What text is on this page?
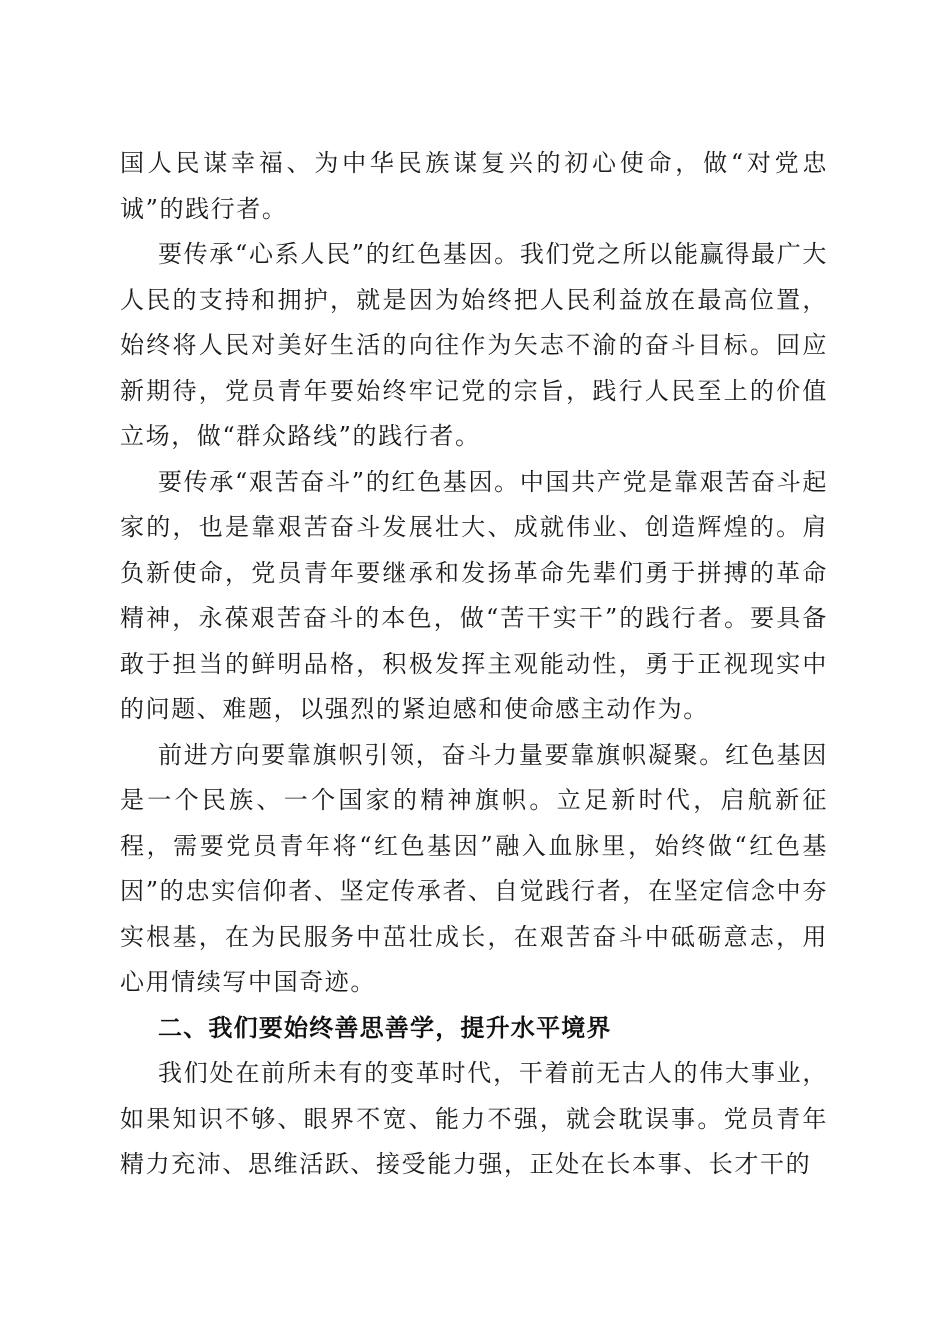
国人民谋幸福、为中华民族谋复兴的初心使命，做“对党忠诚”的践行者。

要传承“心系人民”的红色基因。我们党之所以能赢得最广大人民的支持和拥护，就是因为始终把人民利益放在最高位置，始终将人民对美好生活的向往作为矢志不渝的奋斗目标。回应新期待，党员青年要始终牢记党的宗旨，践行人民至上的价值立场，做“群众路线”的践行者。

要传承“艰苦奋斗”的红色基因。中国共产党是靠艰苦奋斗起家的，也是靠艰苦奋斗发展壮大、成就伟业、创造辉煌的。肩负新使命，党员青年要继承和发扬革命先辈们勇于拼搏的革命精神，永葆艰苦奋斗的本色，做“苦干实干”的践行者。要具备敢于担当的鲜明品格，积极发挥主观能动性，勇于正视现实中的问题、难题，以强烈的紧迫感和使命感主动作为。

前进方向要靠旗帜引领，奋斗力量要靠旗帜凝聚。红色基因是一个民族、一个国家的精神旗帜。立足新时代，启航新征程，需要党员青年将“红色基因”融入血脉里，始终做“红色基因”的忠实信仰者、坚定传承者、自觉践行者，在坚定信念中夯实根基，在为民服务中茁壮成长，在艰苦奋斗中砥砺意志，用心用情续写中国奇迹。

二、我们要始终善思善学，提升水平境界

我们处在前所未有的变革时代，干着前无古人的伟大事业，如果知识不够、眼界不宽、能力不强，就会耽误事。党员青年精力充沛、思维活跃、接受能力强，正处在长本事、长才干的
